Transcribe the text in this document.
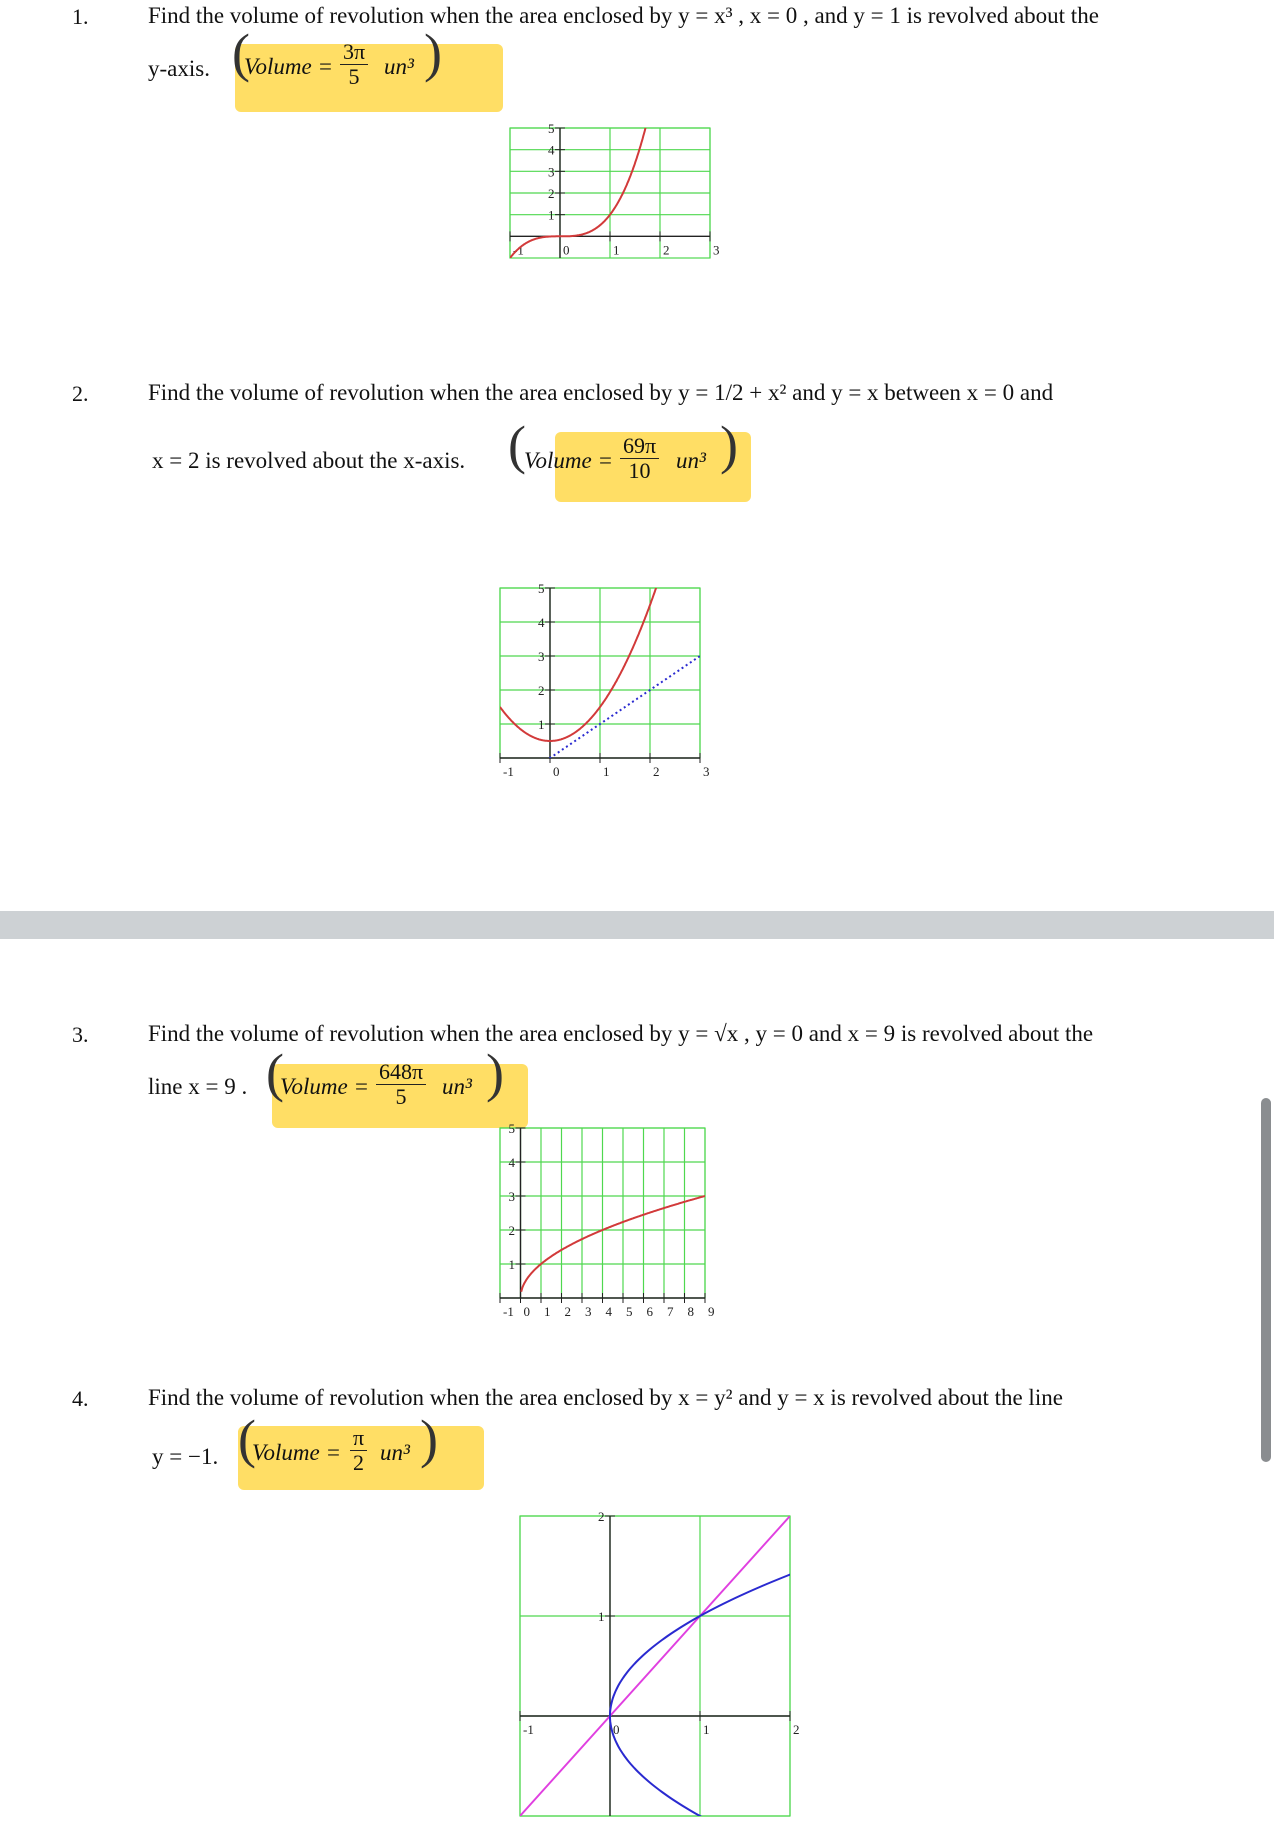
1.	Find the volume of revolution when the area enclosed by y = x³ , x = 0 , and y = 1 is revolved about the
y-axis. (
Volume = $\frac{3\pi}{5} un^3$ )
-1	0	1	2	3
1
2
3
4
5
2.	Find the volume of revolution when the area enclosed by y = 1/2 + x² and y = x between x = 0 and
x = 2 is revolved about the x-axis. (
Volume = $\frac{69\pi}{10} un^3$ )
-1	0	1	2	3
1
2
3
4
5
3.	Find the volume of revolution when the area enclosed by y = √x , y = 0 and x = 9 is revolved about the
line x = 9 . (
Volume = $\frac{648\pi}{5} un^3$ )
-1 0 1 2 3 4 5 6 7 8 9
1
2
3
4
5
4.	Find the volume of revolution when the area enclosed by x = y² and y = x is revolved about the line
y = −1. (
Volume = $\frac{\pi}{2} un^3$ )
-1	0	1	2
1
2
